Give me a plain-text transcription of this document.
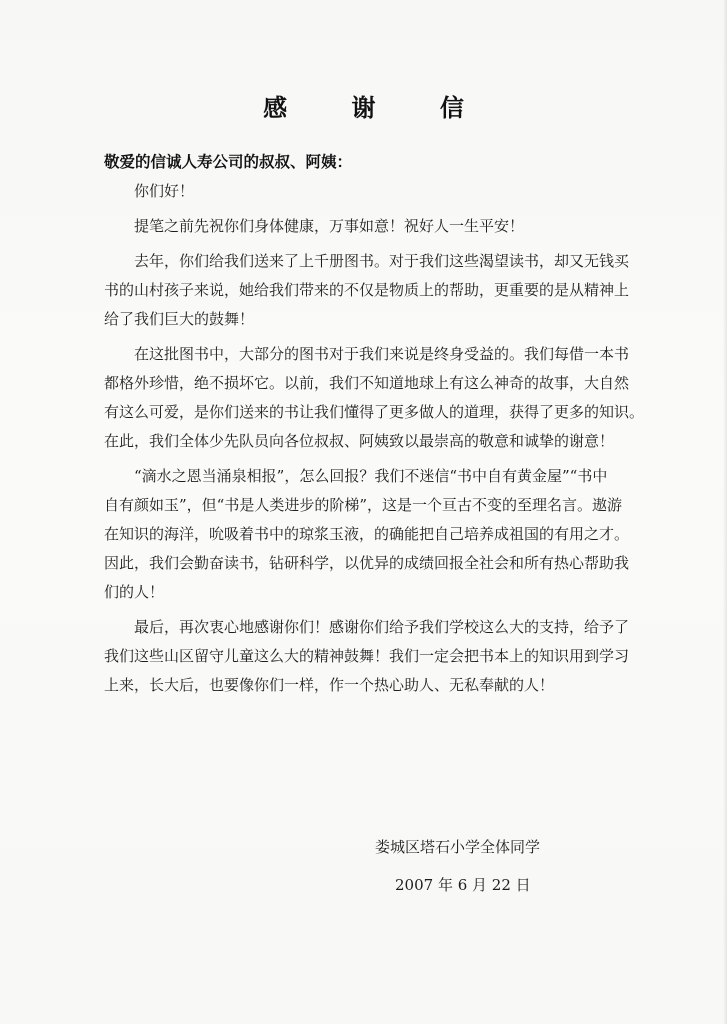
感 谢 信
敬爱的信诚人寿公司的叔叔、阿姨：

你们好！

提笔之前先祝你们身体健康，万事如意！祝好人一生平安！

去年，你们给我们送来了上千册图书。对于我们这些渴望读书，却又无钱买
书的山村孩子来说，她给我们带来的不仅是物质上的帮助，更重要的是从精神上
给了我们巨大的鼓舞！

在这批图书中，大部分的图书对于我们来说是终身受益的。我们每借一本书
都格外珍惜，绝不损坏它。以前，我们不知道地球上有这么神奇的故事，大自然
有这么可爱，是你们送来的书让我们懂得了更多做人的道理，获得了更多的知识。
在此，我们全体少先队员向各位叔叔、阿姨致以最崇高的敬意和诚挚的谢意！

“滴水之恩当涌泉相报”，怎么回报？我们不迷信“书中自有黄金屋”“书中
自有颜如玉”，但“书是人类进步的阶梯”，这是一个亘古不变的至理名言。遨游
在知识的海洋，吮吸着书中的琼浆玉液，的确能把自己培养成祖国的有用之才。
因此，我们会勤奋读书，钻研科学，以优异的成绩回报全社会和所有热心帮助我
们的人！

最后，再次衷心地感谢你们！感谢你们给予我们学校这么大的支持，给予了
我们这些山区留守儿童这么大的精神鼓舞！我们一定会把书本上的知识用到学习
上来，长大后，也要像你们一样，作一个热心助人、无私奉献的人！

娄城区塔石小学全体同学
2007 年 6 月 22 日
